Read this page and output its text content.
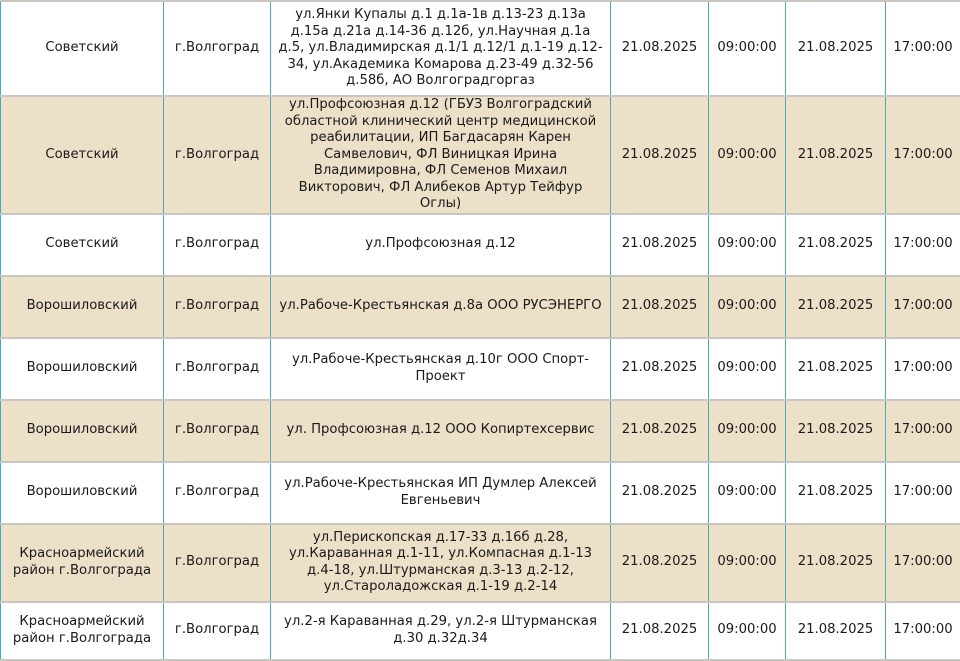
Советский	г.Волгоград	ул.Янки Купалы д.1 д.1а-1в д.13-23 д.13а д.15а д.21а д.14-36 д.12б, ул.Научная д.1а д.5, ул.Владимирская д.1/1 д.12/1 д.1-19 д.12-34, ул.Академика Комарова д.23-49 д.32-56 д.58б, АО Волгоградгоргаз	21.08.2025	09:00:00	21.08.2025	17:00:00
Советский	г.Волгоград	ул.Профсоюзная д.12 (ГБУЗ Волгоградский областной клинический центр медицинской реабилитации, ИП Багдасарян Карен Самвелович, ФЛ Виницкая Ирина Владимировна, ФЛ Семенов Михаил Викторович, ФЛ Алибеков Артур Тейфур Оглы)	21.08.2025	09:00:00	21.08.2025	17:00:00
Советский	г.Волгоград	ул.Профсоюзная д.12	21.08.2025	09:00:00	21.08.2025	17:00:00
Ворошиловский	г.Волгоград	ул.Рабоче-Крестьянская д.8а ООО РУСЭНЕРГО	21.08.2025	09:00:00	21.08.2025	17:00:00
Ворошиловский	г.Волгоград	ул.Рабоче-Крестьянская д.10г ООО Спорт-Проект	21.08.2025	09:00:00	21.08.2025	17:00:00
Ворошиловский	г.Волгоград	ул. Профсоюзная д.12 ООО Копиртехсервис	21.08.2025	09:00:00	21.08.2025	17:00:00
Ворошиловский	г.Волгоград	ул.Рабоче-Крестьянская ИП Думлер Алексей Евгеньевич	21.08.2025	09:00:00	21.08.2025	17:00:00
Красноармейский район г.Волгограда	г.Волгоград	ул.Перископская д.17-33 д.16б д.28, ул.Караванная д.1-11, ул.Компасная д.1-13 д.4-18, ул.Штурманская д.3-13 д.2-12, ул.Староладожская д.1-19 д.2-14	21.08.2025	09:00:00	21.08.2025	17:00:00
Красноармейский район г.Волгограда	г.Волгоград	ул.2-я Караванная д.29, ул.2-я Штурманская д.30 д.32д.34	21.08.2025	09:00:00	21.08.2025	17:00:00
